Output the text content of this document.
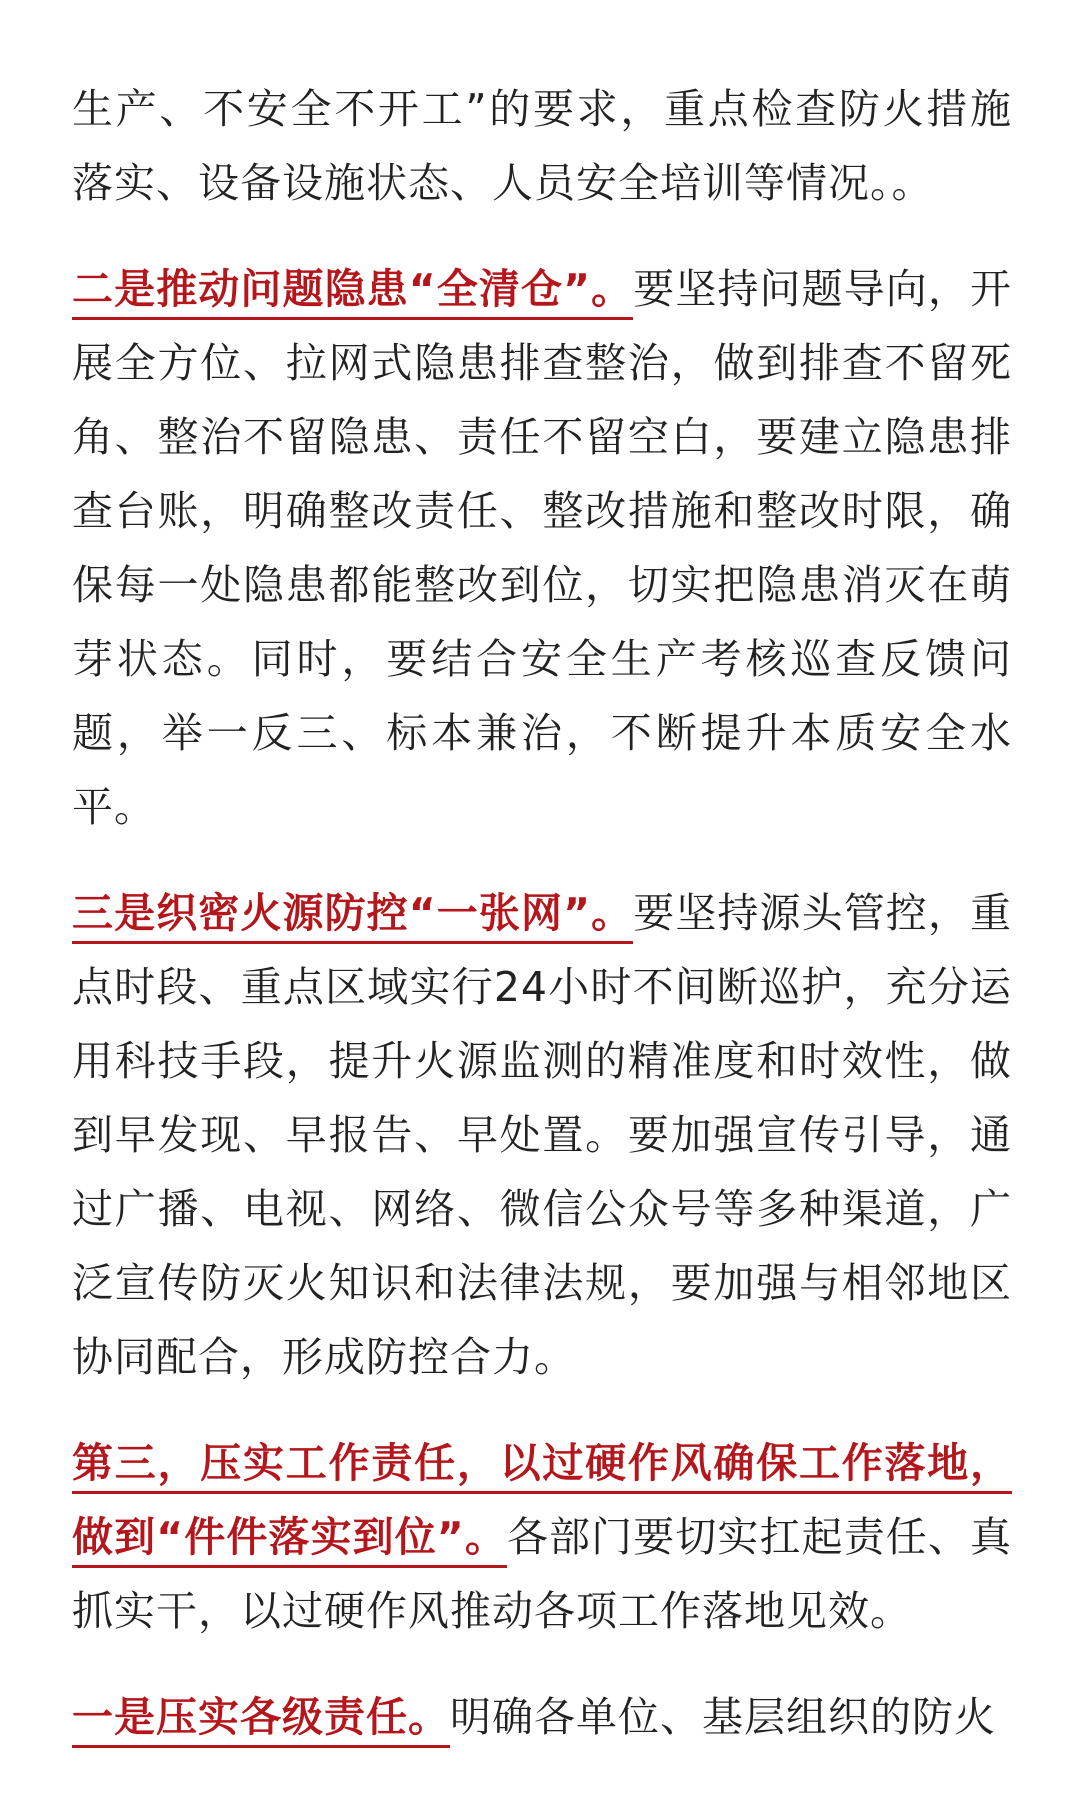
生产、不安全不开工”的要求，重点检查防火措施落实、设备设施状态、人员安全培训等情况。。

二是推动问题隐患“全清仓”。要坚持问题导向，开展全方位、拉网式隐患排查整治，做到排查不留死角、整治不留隐患、责任不留空白，要建立隐患排查台账，明确整改责任、整改措施和整改时限，确保每一处隐患都能整改到位，切实把隐患消灭在萌芽状态。同时，要结合安全生产考核巡查反馈问题，举一反三、标本兼治，不断提升本质安全水平。

三是织密火源防控“一张网”。要坚持源头管控，重点时段、重点区域实行24小时不间断巡护，充分运用科技手段，提升火源监测的精准度和时效性，做到早发现、早报告、早处置。要加强宣传引导，通过广播、电视、网络、微信公众号等多种渠道，广泛宣传防灭火知识和法律法规，要加强与相邻地区协同配合，形成防控合力。

第三，压实工作责任，以过硬作风确保工作落地，做到“件件落实到位”。各部门要切实扛起责任、真抓实干，以过硬作风推动各项工作落地见效。

一是压实各级责任。明确各单位、基层组织的防火
